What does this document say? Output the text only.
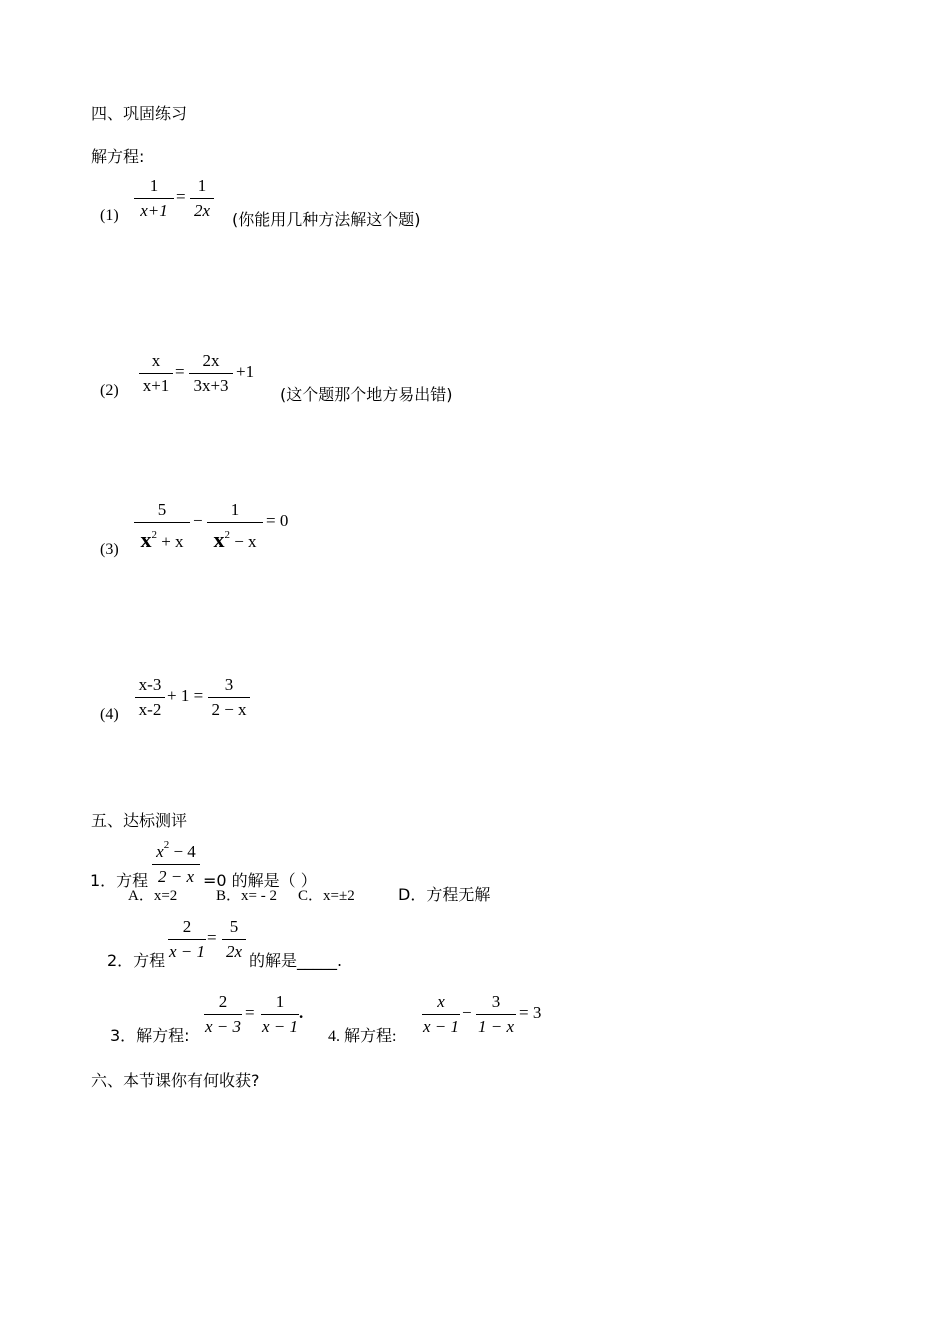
四、巩固练习
解方程:
(1)
1
x+1
=
1
2x (你能用几种方法解这个题)
(2)
x
x+1
=
2x
3x+3
+1
(这个题那个地方易出错)
(3)
5
$x^2 + x$
−
1
$x^2 - x$
= 0
(4)
x-3
x-2
+ 1 =
3
2 − x
五、达标测评
1．方程
$x^2 - 4$
2 − x =0 的解是（ ）
A．x=2	B．x= - 2 C．x=±2	D．方程无解
2．方程
2
x − 1
=
5
2x 的解是_____.
3．解方程:
2
x − 3
=
1
x − 1
.
4. 解方程:
x
x − 1
−
3
1 − x
= 3
六、本节课你有何收获?
